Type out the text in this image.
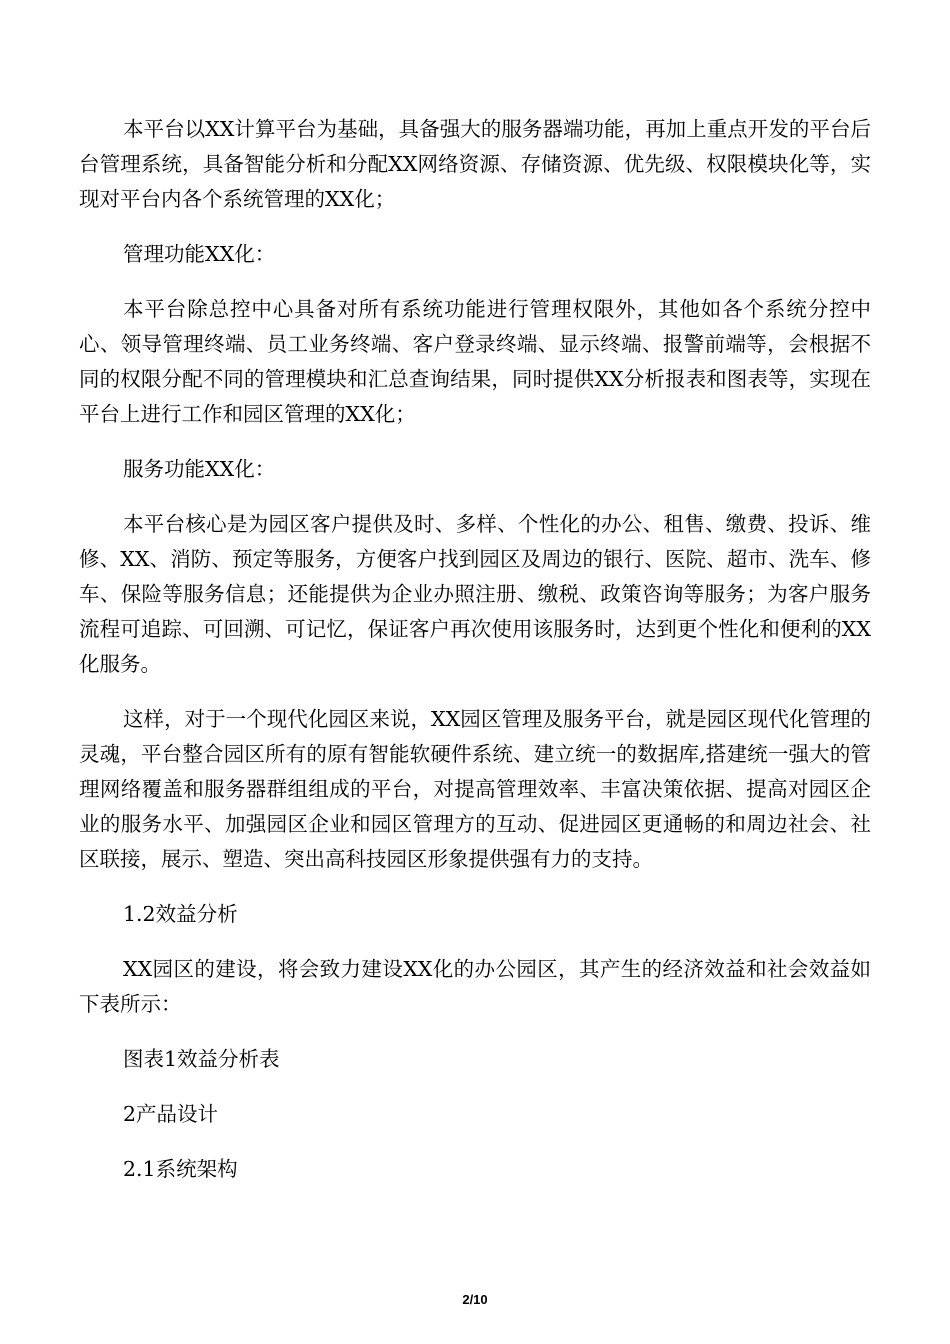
本平台以XX计算平台为基础，具备强大的服务器端功能，再加上重点开发的平台后台管理系统，具备智能分析和分配XX网络资源、存储资源、优先级、权限模块化等，实现对平台内各个系统管理的XX化；

管理功能XX化：

本平台除总控中心具备对所有系统功能进行管理权限外，其他如各个系统分控中心、领导管理终端、员工业务终端、客户登录终端、显示终端、报警前端等，会根据不同的权限分配不同的管理模块和汇总查询结果，同时提供XX分析报表和图表等，实现在平台上进行工作和园区管理的XX化；

服务功能XX化：

本平台核心是为园区客户提供及时、多样、个性化的办公、租售、缴费、投诉、维修、XX、消防、预定等服务，方便客户找到园区及周边的银行、医院、超市、洗车、修车、保险等服务信息；还能提供为企业办照注册、缴税、政策咨询等服务；为客户服务流程可追踪、可回溯、可记忆，保证客户再次使用该服务时，达到更个性化和便利的XX化服务。

这样，对于一个现代化园区来说，XX园区管理及服务平台，就是园区现代化管理的灵魂，平台整合园区所有的原有智能软硬件系统、建立统一的数据库,搭建统一强大的管理网络覆盖和服务器群组组成的平台，对提高管理效率、丰富决策依据、提高对园区企业的服务水平、加强园区企业和园区管理方的互动、促进园区更通畅的和周边社会、社区联接，展示、塑造、突出高科技园区形象提供强有力的支持。

1.2效益分析

XX园区的建设，将会致力建设XX化的办公园区，其产生的经济效益和社会效益如下表所示：

图表1效益分析表

2产品设计

2.1系统架构

2/10
